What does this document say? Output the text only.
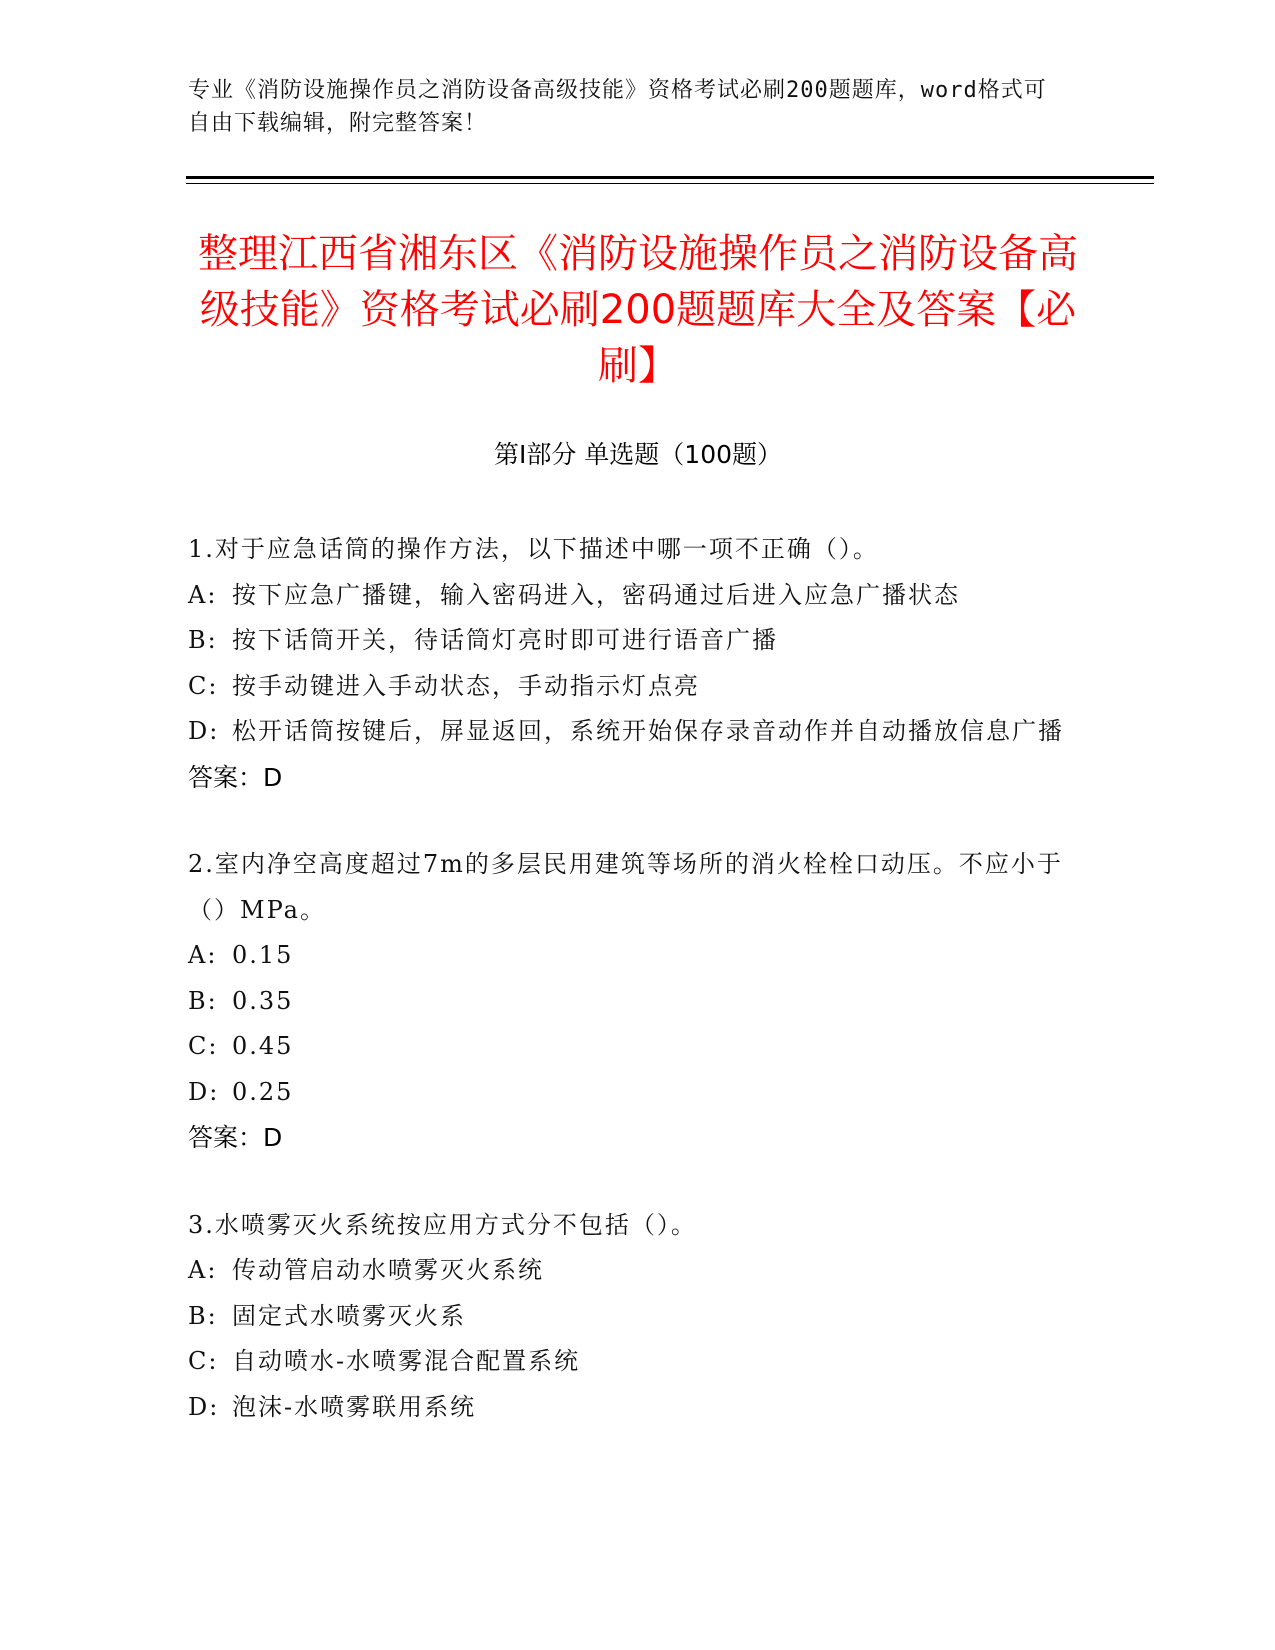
专业《消防设施操作员之消防设备高级技能》资格考试必刷200题题库，word格式可自由下载编辑，附完整答案！
整理江西省湘东区《消防设施操作员之消防设备高级技能》资格考试必刷200题题库大全及答案【必刷】
第I部分 单选题（100题）
1.对于应急话筒的操作方法，以下描述中哪一项不正确（）。
A: 按下应急广播键，输入密码进入，密码通过后进入应急广播状态
B: 按下话筒开关，待话筒灯亮时即可进行语音广播
C: 按手动键进入手动状态，手动指示灯点亮
D: 松开话筒按键后，屏显返回，系统开始保存录音动作并自动播放信息广播
答案：D
2.室内净空高度超过7m的多层民用建筑等场所的消火栓栓口动压。不应小于（）MPa。
A: 0.15
B: 0.35
C: 0.45
D: 0.25
答案：D
3.水喷雾灭火系统按应用方式分不包括（）。
A: 传动管启动水喷雾灭火系统
B: 固定式水喷雾灭火系
C: 自动喷水-水喷雾混合配置系统
D: 泡沫-水喷雾联用系统
